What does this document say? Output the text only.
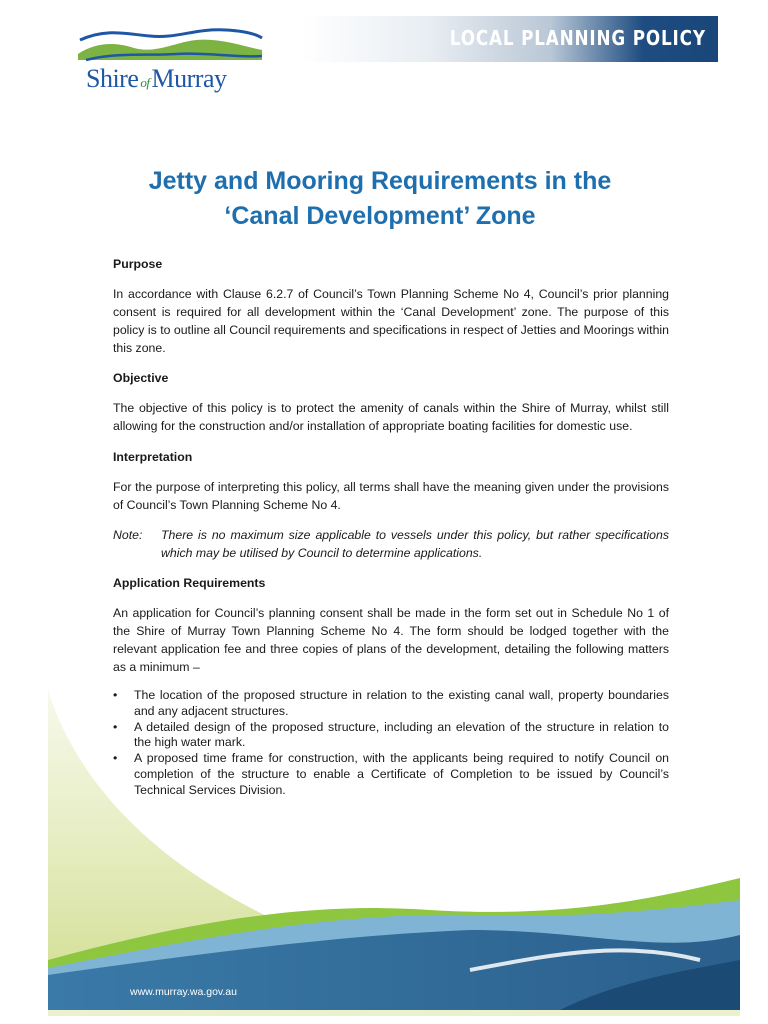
LOCAL PLANNING POLICY
Shire ofMurray
Jetty and Mooring Requirements in the
‘Canal Development’ Zone
Purpose

In accordance with Clause 6.2.7 of Council’s Town Planning Scheme No 4, Council’s prior planning consent is required for all development within the ‘Canal Development’ zone. The purpose of this policy is to outline all Council requirements and specifications in respect of Jetties and Moorings within this zone.

Objective

The objective of this policy is to protect the amenity of canals within the Shire of Murray, whilst still allowing for the construction and/or installation of appropriate boating facilities for domestic use.

Interpretation

For the purpose of interpreting this policy, all terms shall have the meaning given under the provisions of Council’s Town Planning Scheme No 4.

Note:	There is no maximum size applicable to vessels under this policy, but rather specifications which may be utilised by Council to determine applications.
Application Requirements

An application for Council’s planning consent shall be made in the form set out in Schedule No 1 of the Shire of Murray Town Planning Scheme No 4. The form should be lodged together with the relevant application fee and three copies of plans of the development, detailing the following matters as a minimum –

• The location of the proposed structure in relation to the existing canal wall, property boundaries and any adjacent structures.
• A detailed design of the proposed structure, including an elevation of the structure in relation to the high water mark.
• A proposed time frame for construction, with the applicants being required to notify Council on completion of the structure to enable a Certificate of Completion to be issued by Council’s Technical Services Division.
www.murray.wa.gov.au
